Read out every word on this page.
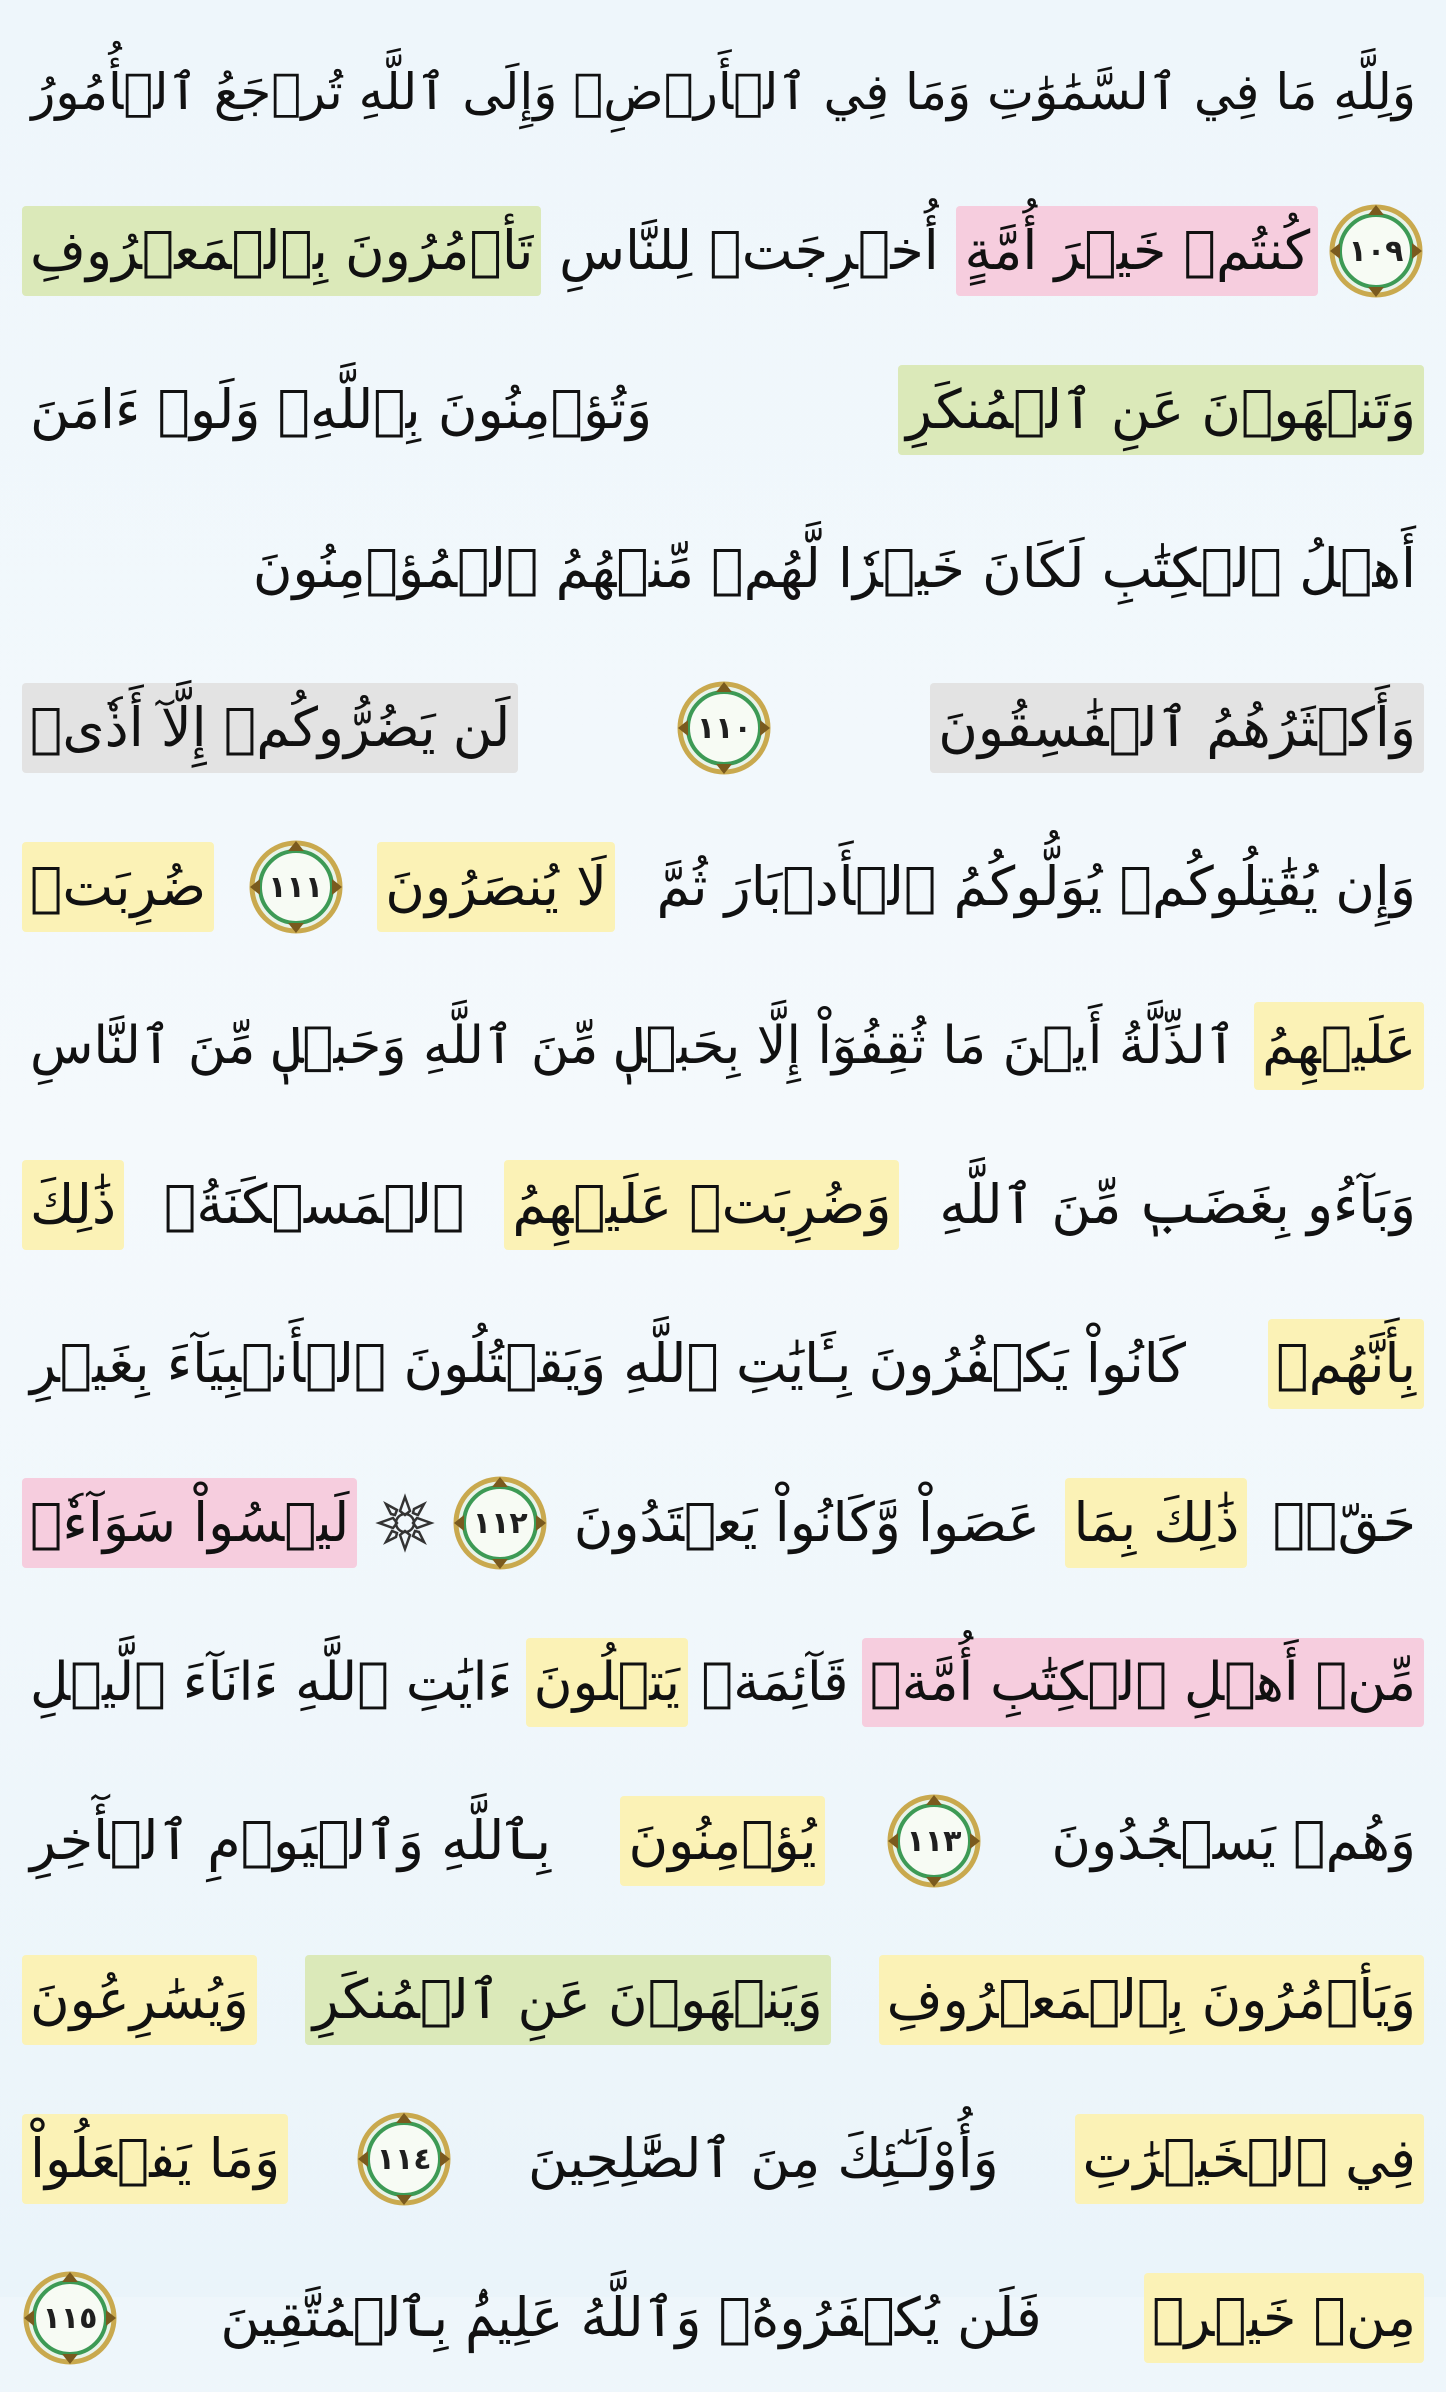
وَلِلَّهِ مَا فِي ٱلسَّمَٰوَٰتِ وَمَا فِي ٱلۡأَرۡضِۚ وَإِلَى ٱللَّهِ تُرۡجَعُ ٱلۡأُمُورُ
١٠٩
كُنتُمۡ خَيۡرَ أُمَّةٍ
أُخۡرِجَتۡ لِلنَّاسِ
تَأۡمُرُونَ بِٱلۡمَعۡرُوفِ
وَتَنۡهَوۡنَ عَنِ ٱلۡمُنكَرِ
وَتُؤۡمِنُونَ بِٱللَّهِۗ وَلَوۡ ءَامَنَ
أَهۡلُ ٱلۡكِتَٰبِ لَكَانَ خَيۡرٗا لَّهُمۚ مِّنۡهُمُ ٱلۡمُؤۡمِنُونَ
وَأَكۡثَرُهُمُ ٱلۡفَٰسِقُونَ
١١٠
لَن يَضُرُّوكُمۡ إِلَّآ أَذٗىۖ
وَإِن يُقَٰتِلُوكُمۡ يُوَلُّوكُمُ ٱلۡأَدۡبَارَ ثُمَّ
لَا يُنصَرُونَ
١١١
ضُرِبَتۡ
عَلَيۡهِمُ
ٱلذِّلَّةُ أَيۡنَ مَا ثُقِفُوٓاْ إِلَّا بِحَبۡلٖ مِّنَ ٱللَّهِ وَحَبۡلٖ مِّنَ ٱلنَّاسِ
وَبَآءُو بِغَضَبٖ مِّنَ ٱللَّهِ
وَضُرِبَتۡ عَلَيۡهِمُ
ٱلۡمَسۡكَنَةُۚ
ذَٰلِكَ
بِأَنَّهُمۡ
كَانُواْ يَكۡفُرُونَ بِـَٔايَٰتِ ٱللَّهِ وَيَقۡتُلُونَ ٱلۡأَنۢبِيَآءَ بِغَيۡرِ
حَقّٖۚ
ذَٰلِكَ بِمَا
عَصَواْ وَّكَانُواْ يَعۡتَدُونَ
١١٢
لَيۡسُواْ سَوَآءٗۗ
مِّنۡ أَهۡلِ ٱلۡكِتَٰبِ أُمَّةٞ
قَآئِمَةٞ
يَتۡلُونَ
ءَايَٰتِ ٱللَّهِ ءَانَآءَ ٱلَّيۡلِ
وَهُمۡ يَسۡجُدُونَ
١١٣
يُؤۡمِنُونَ
بِٱللَّهِ وَٱلۡيَوۡمِ ٱلۡأٓخِرِ
وَيَأۡمُرُونَ بِٱلۡمَعۡرُوفِ
وَيَنۡهَوۡنَ عَنِ ٱلۡمُنكَرِ
وَيُسَٰرِعُونَ
فِي ٱلۡخَيۡرَٰتِ
وَأُوْلَـٰٓئِكَ مِنَ ٱلصَّٰلِحِينَ
١١٤
وَمَا يَفۡعَلُواْ
مِنۡ خَيۡرٖ
فَلَن يُكۡفَرُوهُۗ وَٱللَّهُ عَلِيمُۢ بِٱلۡمُتَّقِينَ
١١٥
